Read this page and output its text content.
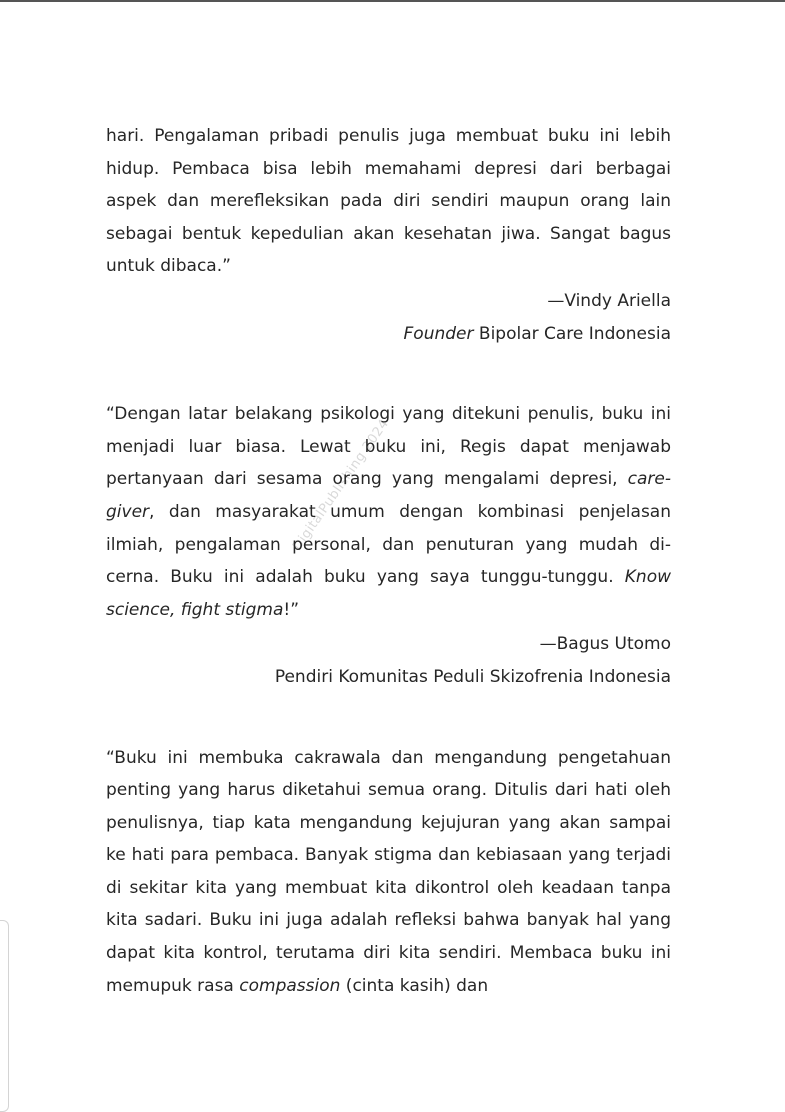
DigitalPublishing 2024

hari. Pengalaman pribadi penulis juga membuat buku ini lebih hidup. Pembaca bisa lebih memahami depresi dari berbagai aspek dan merefleksikan pada diri sendiri maupun orang lain sebagai bentuk kepedulian akan kesehatan jiwa. Sangat bagus untuk dibaca.”

—Vindy Ariella

Founder Bipolar Care Indonesia

“Dengan latar belakang psikologi yang ditekuni penulis, buku ini menjadi luar biasa. Lewat buku ini, Regis dapat menjawab pertanyaan dari sesama orang yang mengalami depresi, care-giver, dan masyarakat umum dengan kombinasi penjelasan ilmiah, pengalaman personal, dan penuturan yang mudah di-cerna. Buku ini adalah buku yang saya tunggu-tunggu. Know science, fight stigma!”

—Bagus Utomo

Pendiri Komunitas Peduli Skizofrenia Indonesia

“Buku ini membuka cakrawala dan mengandung pengetahuan penting yang harus diketahui semua orang. Ditulis dari hati oleh penulisnya, tiap kata mengandung kejujuran yang akan sampai ke hati para pembaca. Banyak stigma dan kebiasaan yang terjadi di sekitar kita yang membuat kita dikontrol oleh keadaan tanpa kita sadari. Buku ini juga adalah refleksi bahwa banyak hal yang dapat kita kontrol, terutama diri kita sendiri. Membaca buku ini memupuk rasa compassion (cinta kasih) dan
